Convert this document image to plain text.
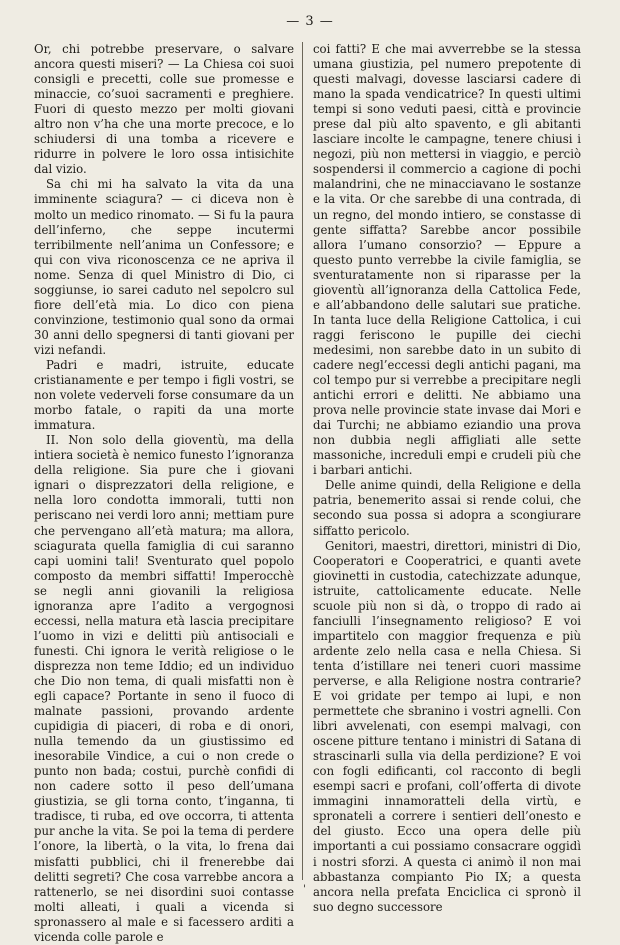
— 3 —

Or, chi potrebbe preservare, o salvare ancora questi miseri? — La Chiesa coi suoi consigli e precetti, colle sue promesse e minaccie, co’suoi sacramenti e preghiere. Fuori di questo mezzo per molti giovani altro non v’ha che una morte precoce, e lo schiudersi di una tomba a ricevere e ridurre in polvere le loro ossa intisichite dal vizio.

Sa chi mi ha salvato la vita da una imminente sciagura? — ci diceva non è molto un medico rinomato. — Si fu la paura dell’inferno, che seppe incutermi terribilmente nell’anima un Confessore; e qui con viva riconoscenza ce ne apriva il nome. Senza di quel Ministro di Dio, ci soggiunse, io sarei caduto nel sepolcro sul fiore dell’età mia. Lo dico con piena convinzione, testimonio qual sono da ormai 30 anni dello spegnersi di tanti giovani per vizi nefandi.

Padri e madri, istruite, educate cristianamente e per tempo i figli vostri, se non volete vederveli forse consumare da un morbo fatale, o rapiti da una morte immatura.

II. Non solo della gioventù, ma della intiera società è nemico funesto l’ignoranza della religione. Sia pure che i giovani ignari o disprezzatori della religione, e nella loro condotta immorali, tutti non periscano nei verdi loro anni; mettiam pure che pervengano all’età matura; ma allora, sciagurata quella famiglia di cui saranno capi uomini tali! Sventurato quel popolo composto da membri siffatti! Imperocchè se negli anni giovanili la religiosa ignoranza apre l’adito a vergognosi eccessi, nella matura età lascia precipitare l’uomo in vizi e delitti più antisociali e funesti. Chi ignora le verità religiose o le disprezza non teme Iddio; ed un individuo che Dio non tema, di quali misfatti non è egli capace? Portante in seno il fuoco di malnate passioni, provando ardente cupidigia di piaceri, di roba e di onori, nulla temendo da un giustissimo ed inesorabile Vindice, a cui o non crede o punto non bada; costui, purchè confidi di non cadere sotto il peso dell’umana giustizia, se gli torna conto, t’inganna, ti tradisce, ti ruba, ed ove occorra, ti attenta pur anche la vita. Se poi la tema di perdere l’onore, la libertà, o la vita, lo frena dai misfatti pubblici, chi il frenerebbe dai delitti segreti? Che cosa varrebbe ancora a rattenerlo, se nei disordini suoi contasse molti alleati, i quali a vicenda si spronassero al male e si facessero arditi a vicenda colle parole e

coi fatti? E che mai avverrebbe se la stessa umana giustizia, pel numero prepotente di questi malvagi, dovesse lasciarsi cadere di mano la spada vendicatrice? In questi ultimi tempi si sono veduti paesi, città e provincie prese dal più alto spavento, e gli abitanti lasciare incolte le campagne, tenere chiusi i negozi, più non mettersi in viaggio, e perciò sospendersi il commercio a cagione di pochi malandrini, che ne minacciavano le sostanze e la vita. Or che sarebbe di una contrada, di un regno, del mondo intiero, se constasse di gente siffatta? Sarebbe ancor possibile allora l’umano consorzio? — Eppure a questo punto verrebbe la civile famiglia, se sventuratamente non si riparasse per la gioventù all’ignoranza della Cattolica Fede, e all’abbandono delle salutari sue pratiche. In tanta luce della Religione Cattolica, i cui raggi feriscono le pupille dei ciechi medesimi, non sarebbe dato in un subito di cadere negl’eccessi degli antichi pagani, ma col tempo pur si verrebbe a precipitare negli antichi errori e delitti. Ne abbiamo una prova nelle provincie state invase dai Mori e dai Turchi; ne abbiamo eziandio una prova non dubbia negli affigliati alle sette massoniche, increduli empi e crudeli più che i barbari antichi.

Delle anime quindi, della Religione e della patria, benemerito assai si rende colui, che secondo sua possa si adopra a scongiurare siffatto pericolo.

Genitori, maestri, direttori, ministri di Dio, Cooperatori e Cooperatrici, e quanti avete giovinetti in custodia, catechizzate adunque, istruite, cattolicamente educate. Nelle scuole più non si dà, o troppo di rado ai fanciulli l’insegnamento religioso? E voi impartitelo con maggior frequenza e più ardente zelo nella casa e nella Chiesa. Si tenta d’istillare nei teneri cuori massime perverse, e alla Religione nostra contrarie? E voi gridate per tempo ai lupi, e non permettete che sbranino i vostri agnelli. Con libri avvelenati, con esempi malvagi, con oscene pitture tentano i ministri di Satana di strascinarli sulla via della perdizione? E voi con fogli edificanti, col racconto di begli esempi sacri e profani, coll’offerta di divote immagini innamoratteli della virtù, e spronateli a correre i sentieri dell’onesto e del giusto. Ecco una opera delle più importanti a cui possiamo consacrare oggidì i nostri sforzi. A questa ci animò il non mai abbastanza compianto Pio IX; a questa ancora nella prefata Enciclica ci spronò il suo degno successore

'
